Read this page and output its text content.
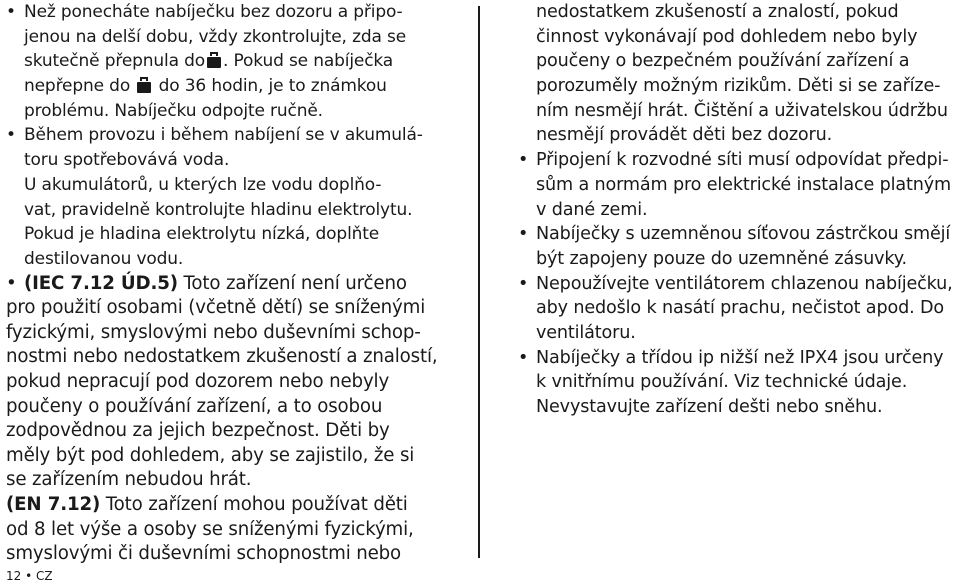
• Než ponecháte nabíječku bez dozoru a připo-
jenou na delší dobu, vždy zkontrolujte, zda se
skutečně přepnula do . Pokud se nabíječka
nepřepne do do 36 hodin, je to známkou
problému. Nabíječku odpojte ručně.
• Během provozu i během nabíjení se v akumulá-
toru spotřebovává voda.
U akumulátorů, u kterých lze vodu doplňo-
vat, pravidelně kontrolujte hladinu elektrolytu.
Pokud je hladina elektrolytu nízká, doplňte
destilovanou vodu.
• (IEC 7.12 ÚD.5) Toto zařízení není určeno
pro použití osobami (včetně dětí) se sníženými
fyzickými, smyslovými nebo duševními schop-
nostmi nebo nedostatkem zkušeností a znalostí,
pokud nepracují pod dozorem nebo nebyly
poučeny o používání zařízení, a to osobou
zodpovědnou za jejich bezpečnost. Děti by
měly být pod dohledem, aby se zajistilo, že si
se zařízením nebudou hrát.
(EN 7.12) Toto zařízení mohou používat děti
od 8 let výše a osoby se sníženými fyzickými,
smyslovými či duševními schopnostmi nebo
nedostatkem zkušeností a znalostí, pokud
činnost vykonávají pod dohledem nebo byly
poučeny o bezpečném používání zařízení a
porozuměly možným rizikům. Děti si se zaříze-
ním nesmějí hrát. Čištění a uživatelskou údržbu
nesmějí provádět děti bez dozoru.
• Připojení k rozvodné síti musí odpovídat předpi-
sům a normám pro elektrické instalace platným
v dané zemi.
• Nabíječky s uzemněnou síťovou zástrčkou smějí
být zapojeny pouze do uzemněné zásuvky.
• Nepoužívejte ventilátorem chlazenou nabíječku,
aby nedošlo k nasátí prachu, nečistot apod. Do
ventilátoru.
• Nabíječky a třídou ip nižší než IPX4 jsou určeny
k vnitřnímu používání. Viz technické údaje.
Nevystavujte zařízení dešti nebo sněhu.
12 • CZ
